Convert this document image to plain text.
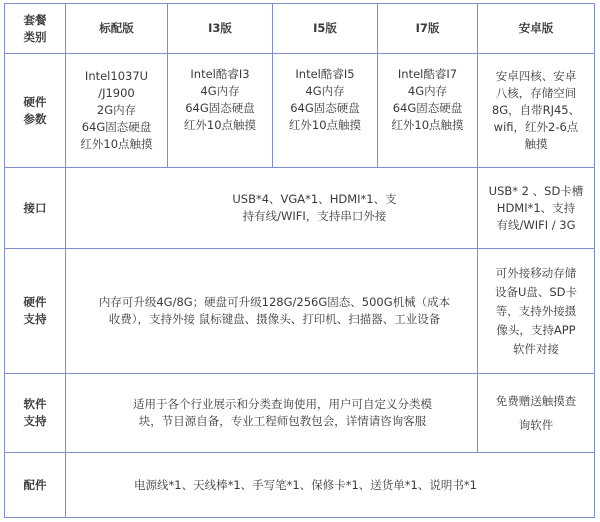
套餐
类别	标配版	I3版	I5版	I7版	安卓版

硬件
参数	Intel1037U
/J1900
2G内存
64G固态硬盘
红外10点触摸	Intel酷睿I3
4G内存
64G固态硬盘
红外10点触摸	Intel酷睿I5
4G内存
64G固态硬盘
红外10点触摸	Intel酷睿I7
4G内存
64G固态硬盘
红外10点触摸	安卓四核、安卓
八核，存储空间
8G，自带RJ45、
wifi，红外2-6点
触摸

接口	USB*4、VGA*1、HDMI*1、支
持有线/WIFI，支持串口外接				USB* 2 、SD卡槽
HDMI*1、支持
有线/WIFI / 3G

硬件
支持	内存可升级4G/8G；硬盘可升级128G/256G固态、500G机械（成本
收费），支持外接 鼠标键盘、摄像头、打印机、扫描器、工业设备				可外接移动存储
设备U盘、SD卡
等，支持外接摄
像头，支持APP
软件对接

软件
支持	适用于各个行业展示和分类查询使用，用户可自定义分类模
块，节目源自备，专业工程师包教包会，详情请咨询客服				免费赠送触摸查
询软件

配件	电源线*1、天线棒*1、手写笔*1、保修卡*1、送货单*1、说明书*1				
